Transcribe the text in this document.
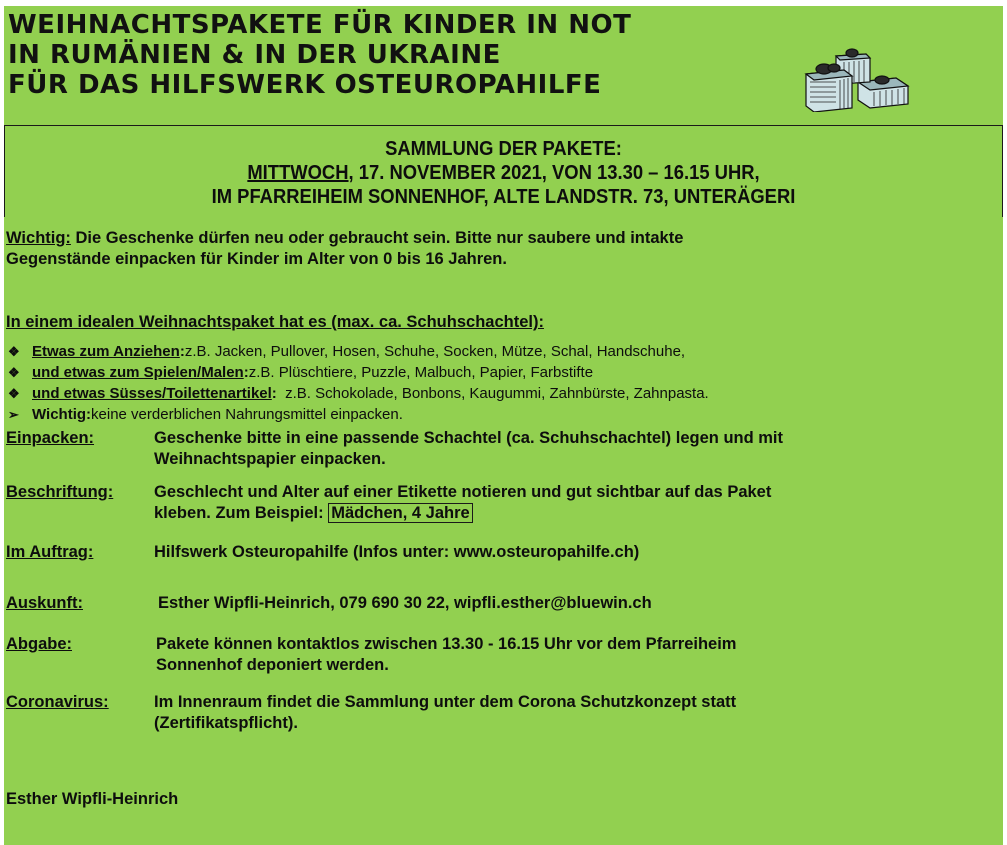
WEIHNACHTSPAKETE FÜR KINDER IN NOT
IN RUMÄNIEN & IN DER UKRAINE
FÜR DAS HILFSWERK OSTEUROPAHILFE
SAMMLUNG DER PAKETE:
MITTWOCH, 17. NOVEMBER 2021, VON 13.30 – 16.15 UHR,
IM PFARREIHEIM SONNENHOF, ALTE LANDSTR. 73, UNTERÄGERI
Wichtig: Die Geschenke dürfen neu oder gebraucht sein. Bitte nur saubere und intakte
Gegenstände einpacken für Kinder im Alter von 0 bis 16 Jahren.
In einem idealen Weihnachtspaket hat es (max. ca. Schuhschachtel):
❖ Etwas zum Anziehen : z.B. Jacken, Pullover, Hosen, Schuhe, Socken, Mütze, Schal, Handschuhe,
❖ und etwas zum Spielen/Malen : z.B. Plüschtiere, Puzzle, Malbuch, Papier, Farbstifte
❖ und etwas Süsses/Toilettenartikel : z.B. Schokolade, Bonbons, Kaugummi, Zahnbürste, Zahnpasta.
➢ Wichtig: keine verderblichen Nahrungsmittel einpacken.
Einpacken:	Geschenke bitte in eine passende Schachtel (ca. Schuhschachtel) legen und mit
Weihnachtspapier einpacken.
Beschriftung:	Geschlecht und Alter auf einer Etikette notieren und gut sichtbar auf das Paket
kleben. Zum Beispiel: Mädchen, 4 Jahre
Im Auftrag:	Hilfswerk Osteuropahilfe (Infos unter: www.osteuropahilfe.ch)
Auskunft:	Esther Wipfli-Heinrich, 079 690 30 22, wipfli.esther@bluewin.ch
Abgabe:	Pakete können kontaktlos zwischen 13.30 - 16.15 Uhr vor dem Pfarreiheim
Sonnenhof deponiert werden.
Coronavirus:	Im Innenraum findet die Sammlung unter dem Corona Schutzkonzept statt
(Zertifikatspflicht).
Esther Wipfli-Heinrich
